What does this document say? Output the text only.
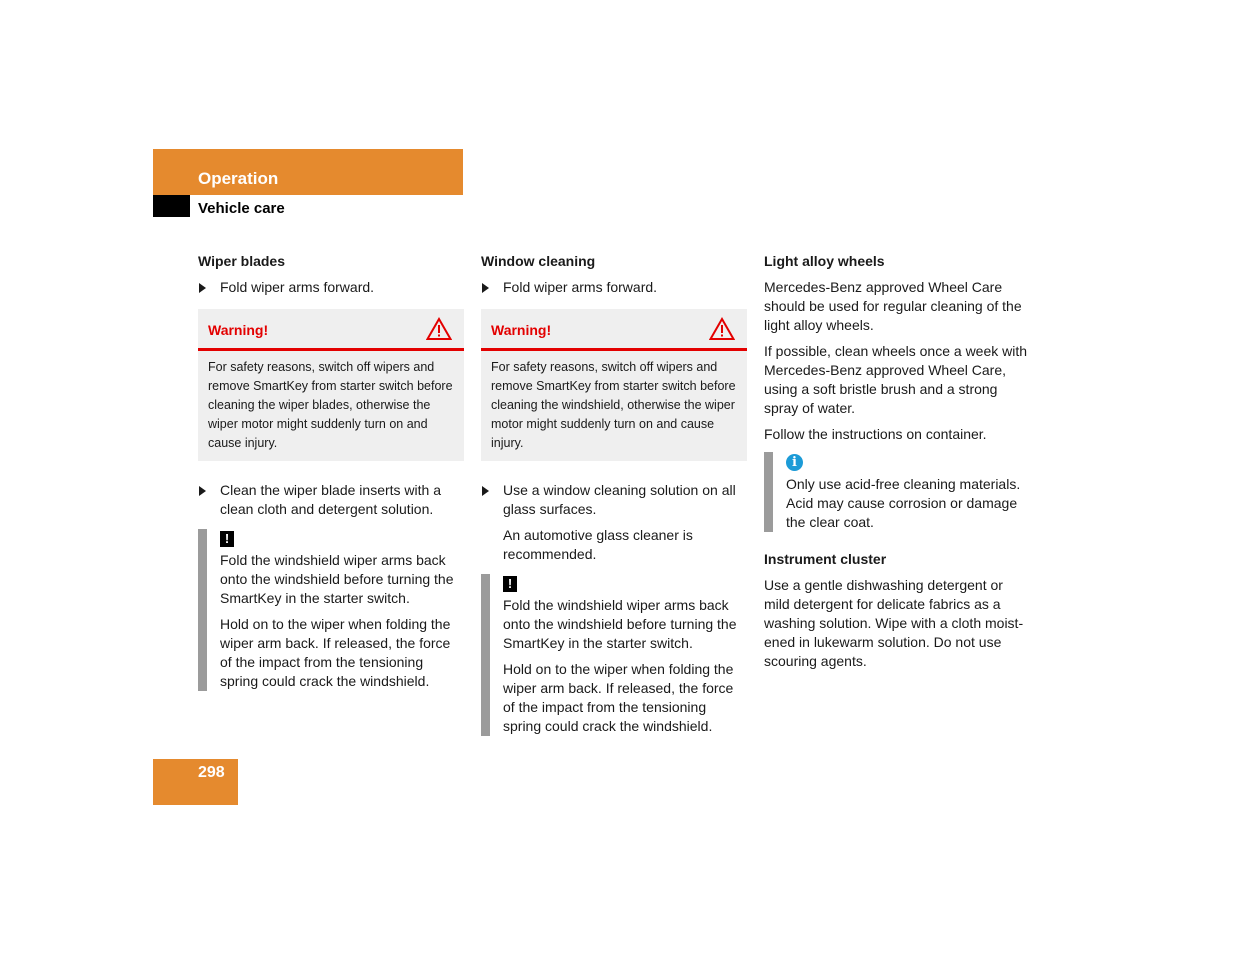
Operation
Vehicle care
Wiper blades
Fold wiper arms forward.
Warning!
For safety reasons, switch off wipers and remove SmartKey from starter switch before cleaning the wiper blades, otherwise the wiper motor might suddenly turn on and cause injury.
Clean the wiper blade inserts with a clean cloth and detergent solution.
!

Fold the windshield wiper arms back onto the windshield before turning the SmartKey in the starter switch.

Hold on to the wiper when folding the wiper arm back. If released, the force of the impact from the tensioning spring could crack the windshield.

Window cleaning
Fold wiper arms forward.
Warning!
For safety reasons, switch off wipers and remove SmartKey from starter switch before cleaning the windshield, otherwise the wiper motor might suddenly turn on and cause injury.
Use a window cleaning solution on all glass surfaces.

An automotive glass cleaner is recommended.

!

Fold the windshield wiper arms back onto the windshield before turning the SmartKey in the starter switch.

Hold on to the wiper when folding the wiper arm back. If released, the force of the impact from the tensioning spring could crack the windshield.

Light alloy wheels

Mercedes-Benz approved Wheel Care should be used for regular cleaning of the light alloy wheels.

If possible, clean wheels once a week with Mercedes-Benz approved Wheel Care, using a soft bristle brush and a strong spray of water.

Follow the instructions on container.

i

Only use acid-free cleaning materials. Acid may cause corrosion or damage the clear coat.

Instrument cluster

Use a gentle dishwashing detergent or mild detergent for delicate fabrics as a washing solution. Wipe with a cloth moist-ened in lukewarm solution. Do not use scouring agents.

298
